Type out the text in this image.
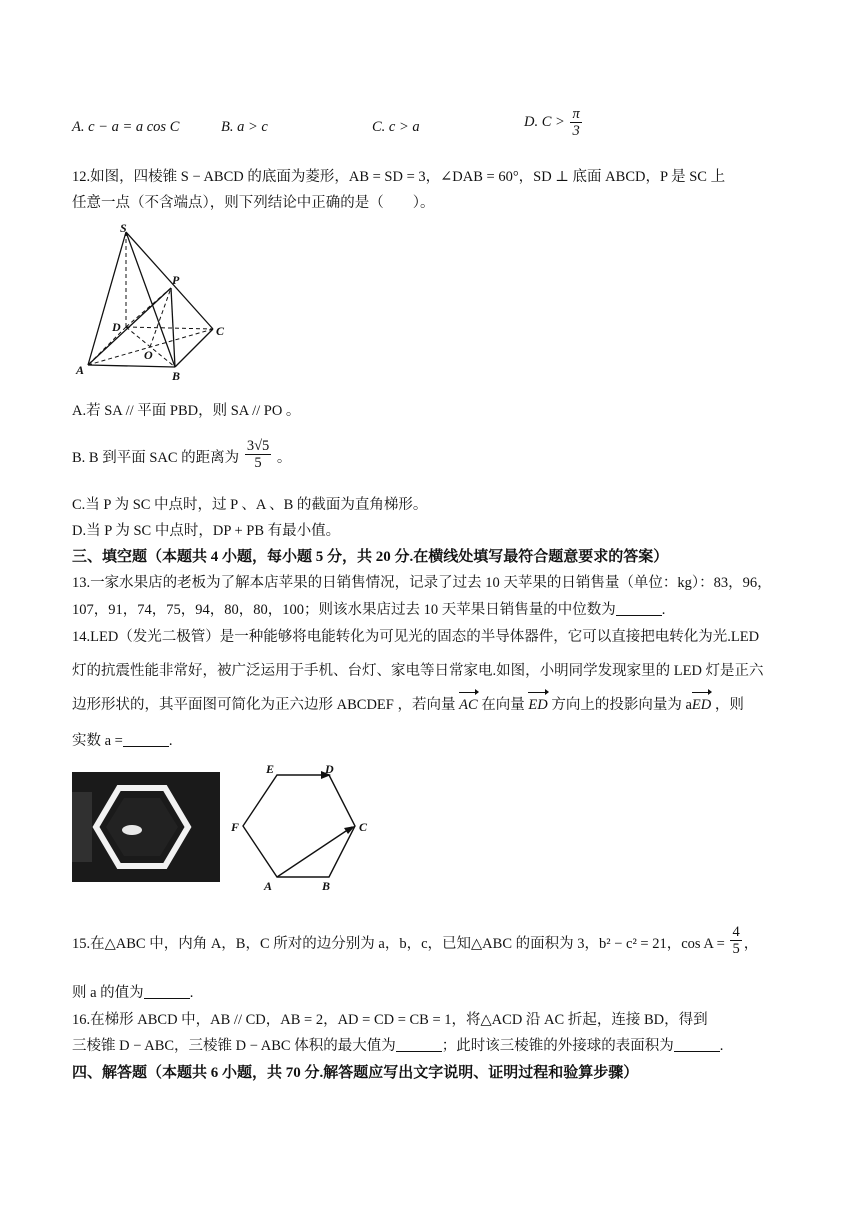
A. c − a = a cos C	B. a > c	C. c > a	D. $C > \frac{\pi}{3}$
12.如图，四棱锥 S − ABCD 的底面为菱形，AB = SD = 3，∠DAB = 60°，SD ⊥ 底面 ABCD，P 是 SC 上
任意一点（不含端点），则下列结论中正确的是（　　）。
S
P
D	C
O
A	B
A.若 SA // 平面 PBD，则 SA // PO 。
B. B 到平面 SAC 的距离为 $\frac{3√5}{5}$ 。
C.当 P 为 SC 中点时，过 P 、A 、B 的截面为直角梯形。
D.当 P 为 SC 中点时，DP + PB 有最小值。
三、填空题（本题共 4 小题，每小题 5 分，共 20 分.在横线处填写最符合题意要求的答案）
13.一家水果店的老板为了解本店苹果的日销售情况，记录了过去 10 天苹果的日销售量（单位：kg）：83，96，
107，91，74，75，94，80，80，100；则该水果店过去 10 天苹果日销售量的中位数为	.
14.LED（发光二极管）是一种能够将电能转化为可见光的固态的半导体器件，它可以直接把电转化为光.LED
灯的抗震性能非常好，被广泛运用于手机、台灯、家电等日常家电.如图，小明同学发现家里的 LED 灯是正六
边形形状的，其平面图可简化为正六边形 ABCDEF ，若向量 AC 在向量 ED 方向上的投影向量为 aED ，则
实数 a =	.
E	D
F	C
A	B
15.在△ABC 中，内角 A，B，C 所对的边分别为 a，b，c，已知△ABC 的面积为 3，b² − c² = 21，$\cos A = \frac{4}{5}$ ，
则 a 的值为	.
16.在梯形 ABCD 中，AB // CD，AB = 2，AD = CD = CB = 1，将△ACD 沿 AC 折起，连接 BD，得到
三棱锥 D − ABC，三棱锥 D − ABC 体积的最大值为	；此时该三棱锥的外接球的表面积为	.
四、解答题（本题共 6 小题，共 70 分.解答题应写出文字说明、证明过程和验算步骤）
